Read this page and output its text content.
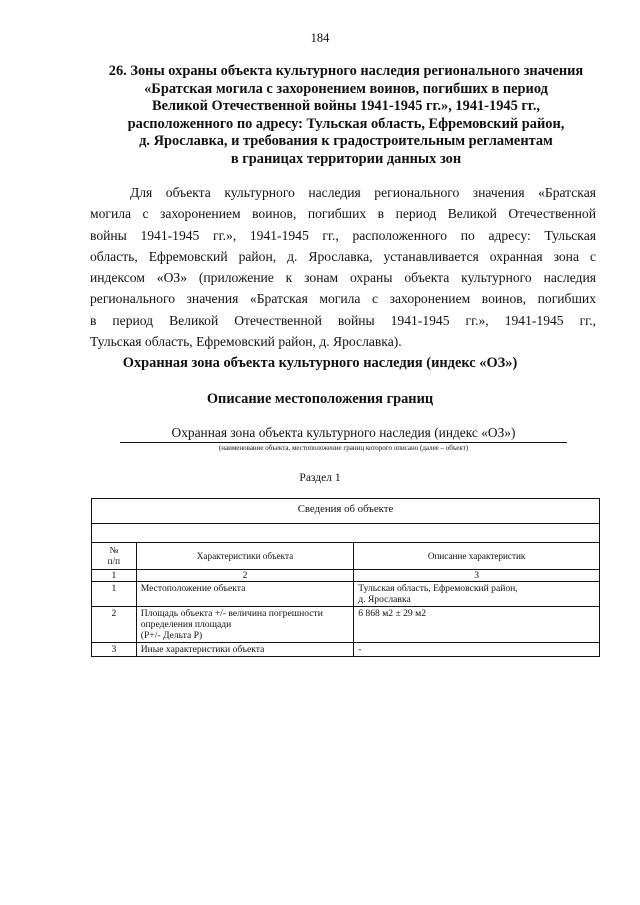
184
26. Зоны охраны объекта культурного наследия регионального значения
«Братская могила с захоронением воинов, погибших в период
Великой Отечественной войны 1941-1945 гг.», 1941-1945 гг.,
расположенного по адресу: Тульская область, Ефремовский район,
д. Ярославка, и требования к градостроительным регламентам
в границах территории данных зон
Для объекта культурного наследия регионального значения «Братская
могила с захоронением воинов, погибших в период Великой Отечественной
войны 1941-1945 гг.», 1941-1945 гг., расположенного по адресу: Тульская
область, Ефремовский район, д. Ярославка, устанавливается охранная зона с
индексом «ОЗ» (приложение к зонам охраны объекта культурного наследия
регионального значения «Братская могила с захоронением воинов, погибших
в период Великой Отечественной войны 1941-1945 гг.», 1941-1945 гг.,
Тульская область, Ефремовский район, д. Ярославка).
Охранная зона объекта культурного наследия (индекс «ОЗ»)
Описание местоположения границ
Охранная зона объекта культурного наследия (индекс «ОЗ»)
(наименование объекта, местоположение границ которого описано (далее – объект)
Раздел 1
Сведения об объекте		

№
п/п	Характеристики объекта	Описание характеристик
1	2	3
1	Местоположение объекта	Тульская область, Ефремовский район,
д. Ярославка
2	Площадь объекта +/- величина погрешности
определения площади
(Р+/- Дельта Р)	6 868 м2 ± 29 м2
3	Иные характеристики объекта	-
